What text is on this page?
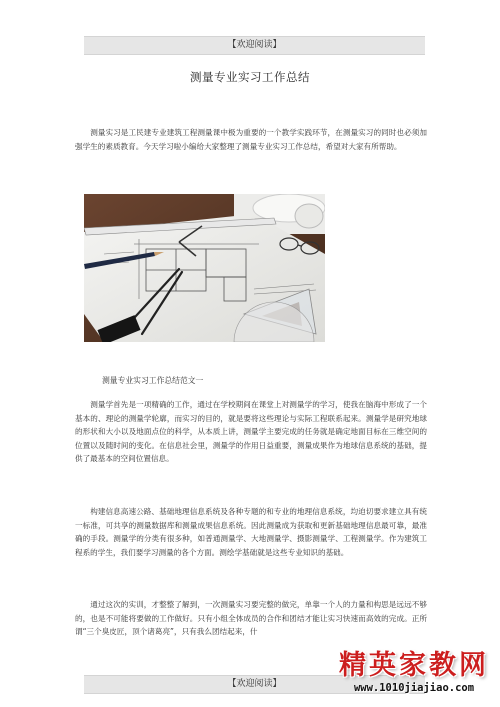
【欢迎阅读】
测量专业实习工作总结

测量实习是工民建专业建筑工程测量课中极为重要的一个教学实践环节，在测量实习的同时也必须加强学生的素质教育。今天学习啦小编给大家整理了测量专业实习工作总结，希望对大家有所帮助。

测量专业实习工作总结范文一

测量学首先是一项精确的工作，通过在学校期间在课堂上对测量学的学习，使我在脑海中形成了一个基本的、理论的测量学轮廓，而实习的目的，就是要将这些理论与实际工程联系起来。测量学是研究地球的形状和大小以及地面点位的科学，从本质上讲，测量学主要完成的任务就是确定地面目标在三维空间的位置以及随时间的变化。在信息社会里，测量学的作用日益重要，测量成果作为地球信息系统的基础，提供了最基本的空间位置信息。

构建信息高速公路、基础地理信息系统及各种专题的和专业的地理信息系统，均迫切要求建立具有统一标准，可共享的测量数据库和测量成果信息系统。因此测量成为获取和更新基础地理信息最可靠，最准确的手段。测量学的分类有很多种，如普通测量学、大地测量学、摄影测量学、工程测量学。作为建筑工程系的学生，我们要学习测量的各个方面。测绘学基础就是这些专业知识的基础。

通过这次的实训，才整整了解到，一次测量实习要完整的做完，单靠一个人的力量和构思是远远不够的，也是不可能将要做的工作做好。只有小组全体成员的合作和团结才能让实习快速而高效的完成。正所谓“三个臭皮匠，顶个诸葛亮”，只有我么团结起来，什

【欢迎阅读】
精英家教网
www.1010jiajiao.com
